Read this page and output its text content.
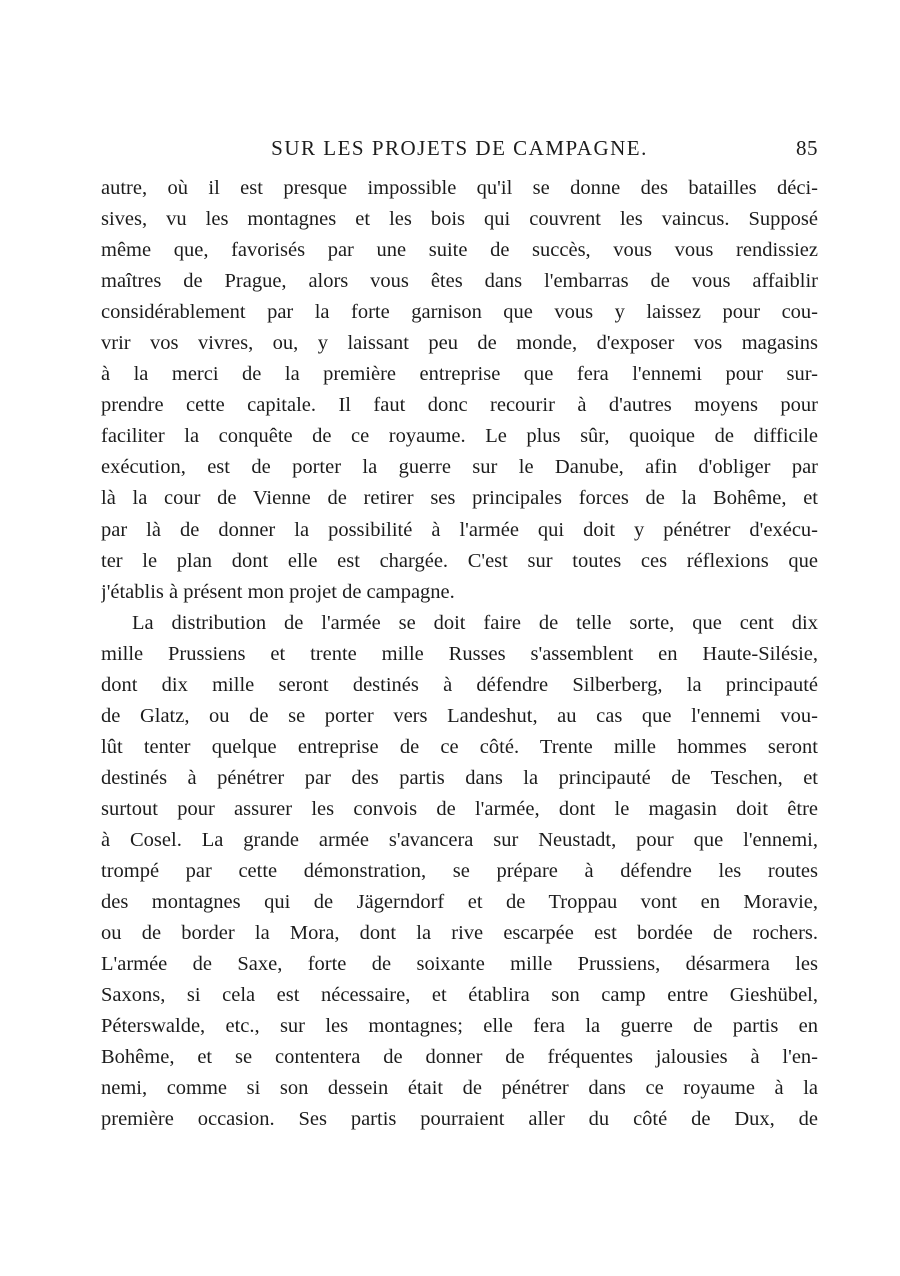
SUR LES PROJETS DE CAMPAGNE.	85
autre, où il est presque impossible qu'il se donne des batailles déci-
sives, vu les montagnes et les bois qui couvrent les vaincus. Supposé
même que, favorisés par une suite de succès, vous vous rendissiez
maîtres de Prague, alors vous êtes dans l'embarras de vous affaiblir
considérablement par la forte garnison que vous y laissez pour cou-
vrir vos vivres, ou, y laissant peu de monde, d'exposer vos magasins
à la merci de la première entreprise que fera l'ennemi pour sur-
prendre cette capitale. Il faut donc recourir à d'autres moyens pour
faciliter la conquête de ce royaume. Le plus sûr, quoique de difficile
exécution, est de porter la guerre sur le Danube, afin d'obliger par
là la cour de Vienne de retirer ses principales forces de la Bohême, et
par là de donner la possibilité à l'armée qui doit y pénétrer d'exécu-
ter le plan dont elle est chargée. C'est sur toutes ces réflexions que
j'établis à présent mon projet de campagne.
La distribution de l'armée se doit faire de telle sorte, que cent dix
mille Prussiens et trente mille Russes s'assemblent en Haute-Silésie,
dont dix mille seront destinés à défendre Silberberg, la principauté
de Glatz, ou de se porter vers Landeshut, au cas que l'ennemi vou-
lût tenter quelque entreprise de ce côté. Trente mille hommes seront
destinés à pénétrer par des partis dans la principauté de Teschen, et
surtout pour assurer les convois de l'armée, dont le magasin doit être
à Cosel. La grande armée s'avancera sur Neustadt, pour que l'ennemi,
trompé par cette démonstration, se prépare à défendre les routes
des montagnes qui de Jägerndorf et de Troppau vont en Moravie,
ou de border la Mora, dont la rive escarpée est bordée de rochers.
L'armée de Saxe, forte de soixante mille Prussiens, désarmera les
Saxons, si cela est nécessaire, et établira son camp entre Gieshübel,
Péterswalde, etc., sur les montagnes; elle fera la guerre de partis en
Bohême, et se contentera de donner de fréquentes jalousies à l'en-
nemi, comme si son dessein était de pénétrer dans ce royaume à la
première occasion. Ses partis pourraient aller du côté de Dux, de
